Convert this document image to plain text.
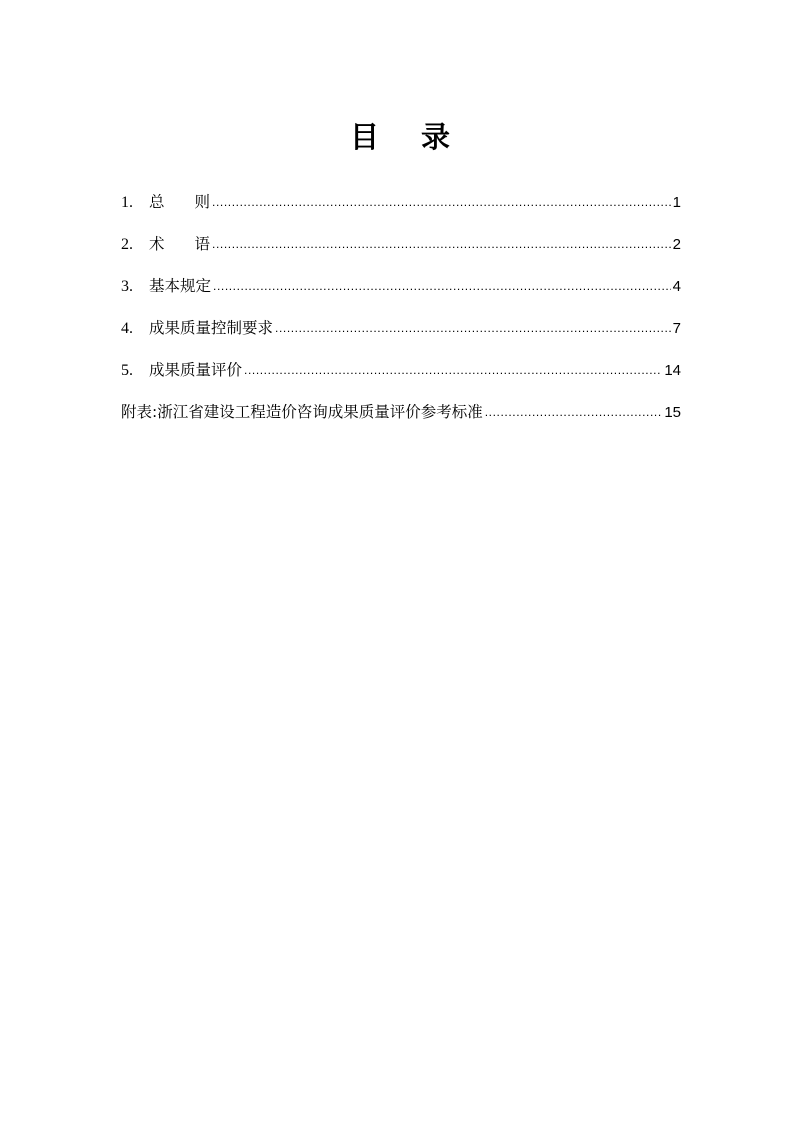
目 录
1.	总 则 .....	1
2.	术 语 .....	2
3.	基本规定 .....	4
4.	成果质量控制要求 .....	7
5.	成果质量评价 .....	14
附表:浙江省建设工程造价咨询成果质量评价参考标准 .....	15
